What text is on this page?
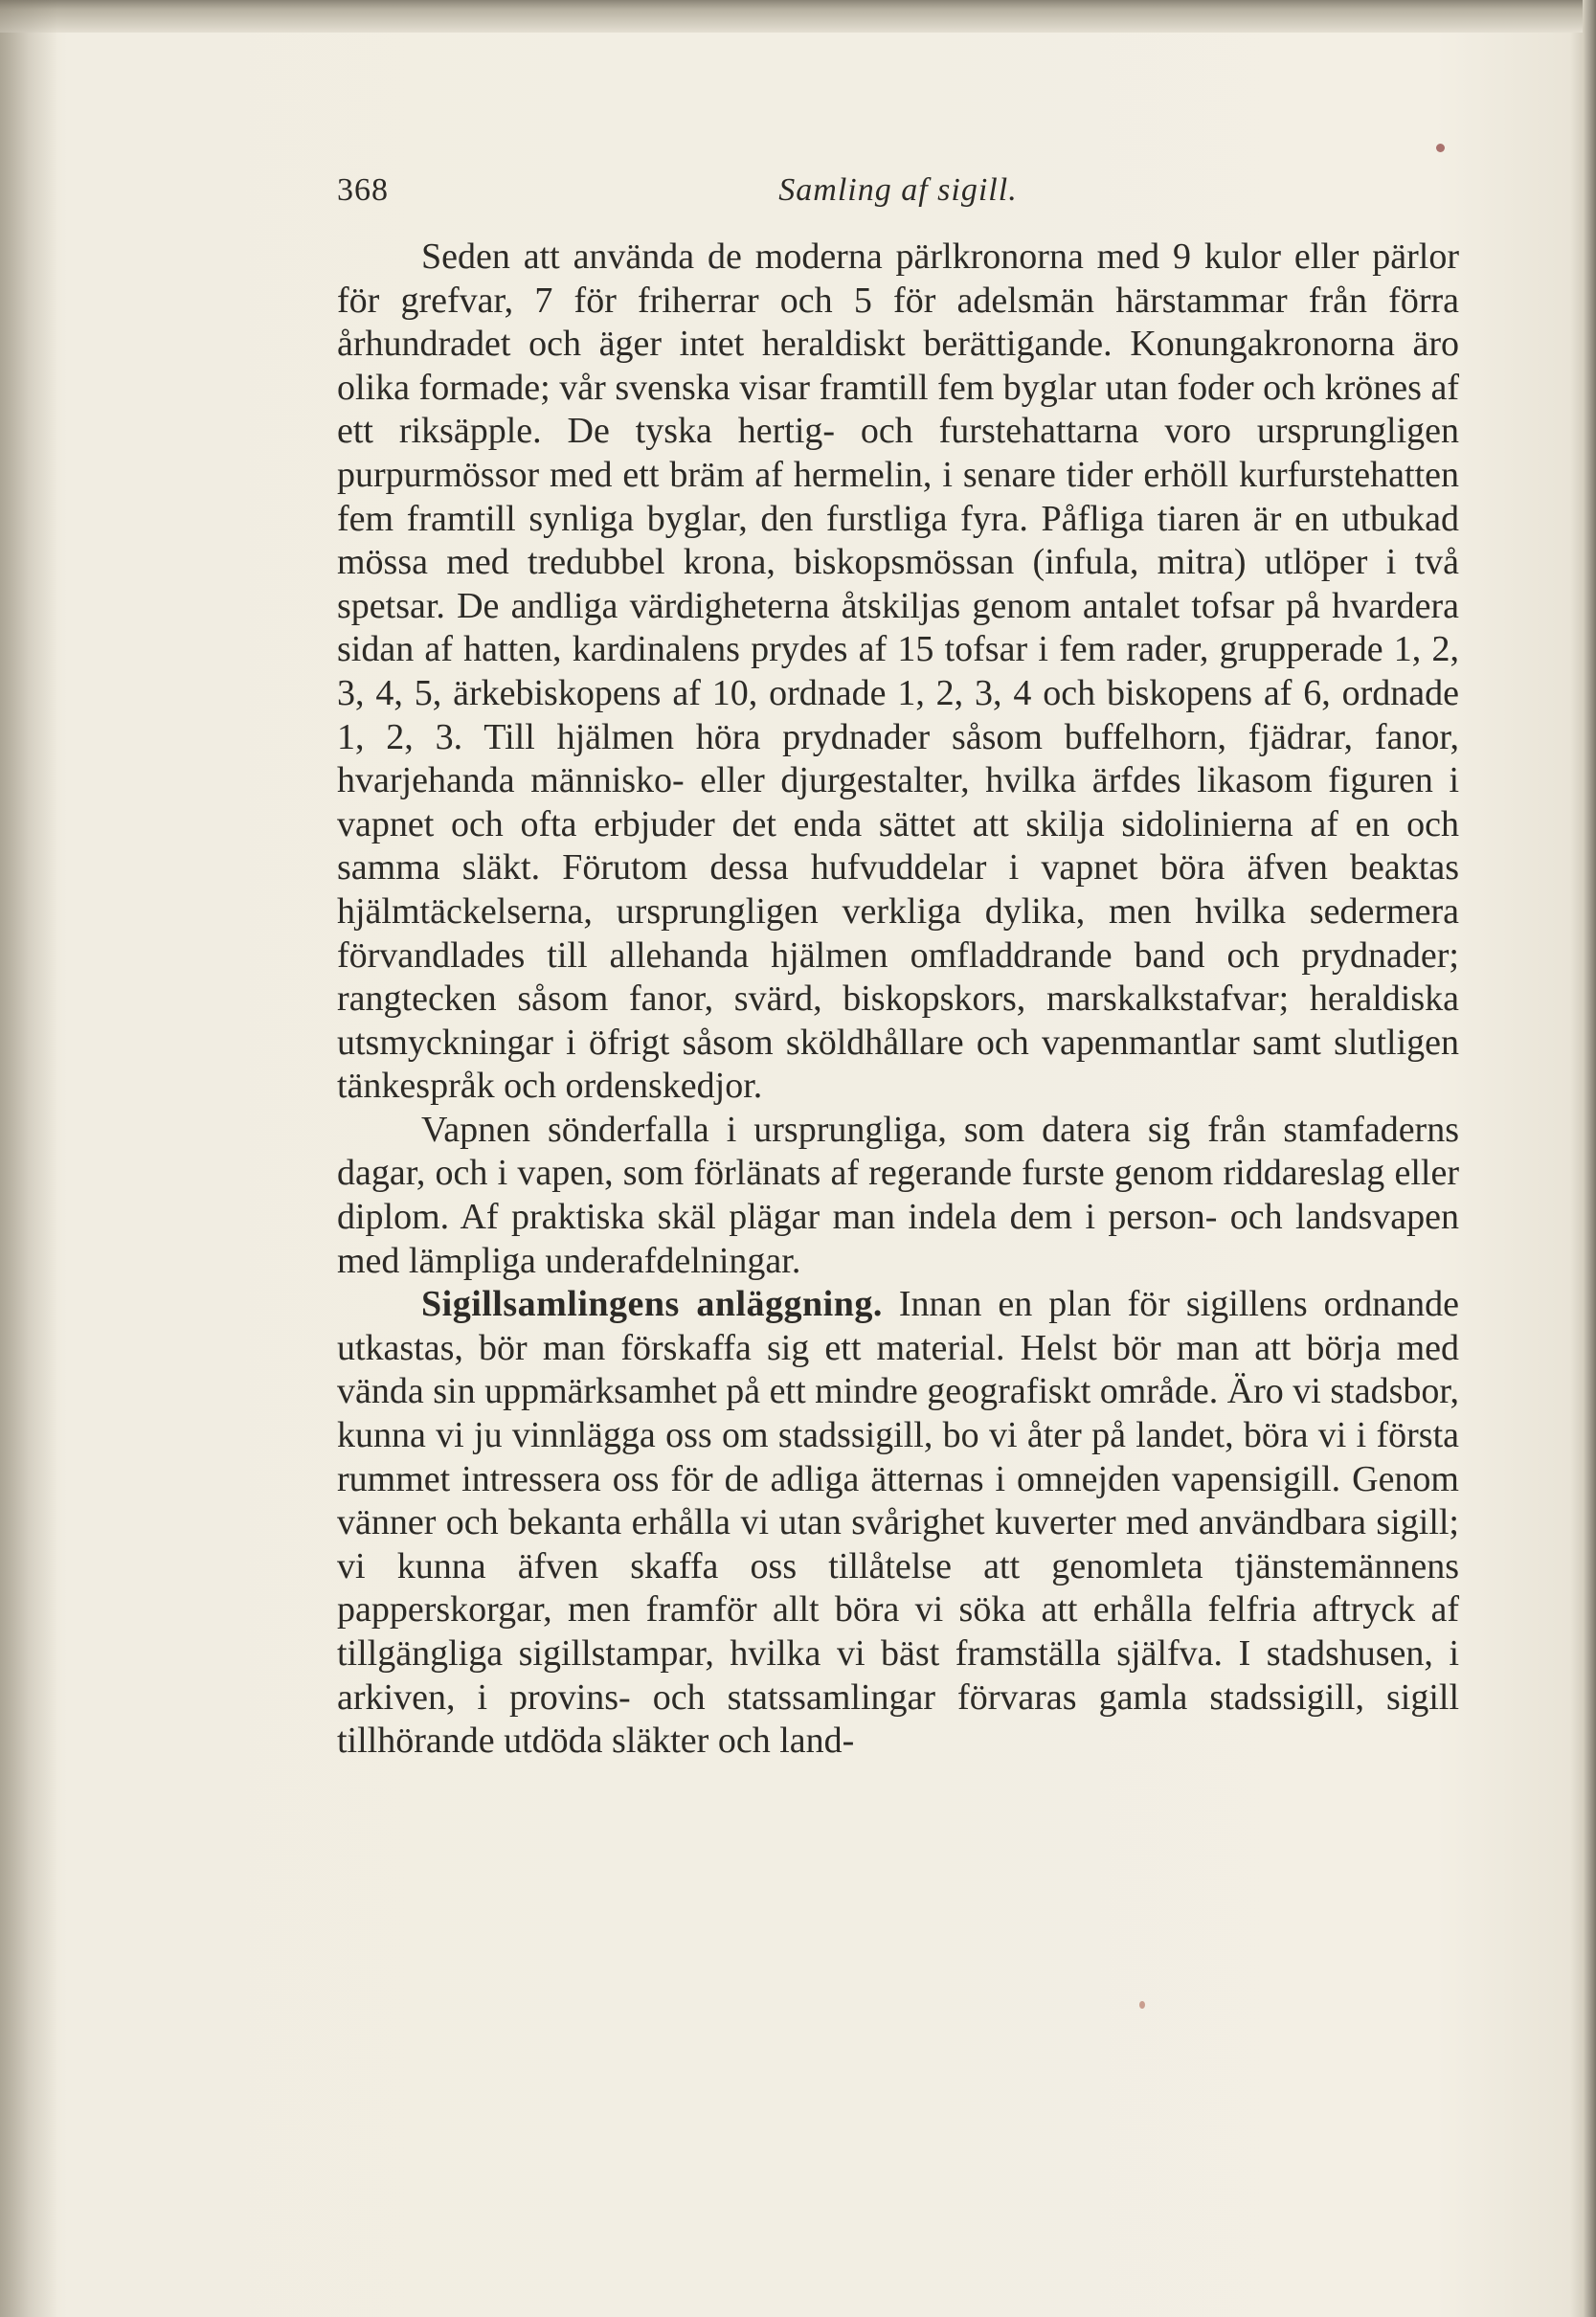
368	Samling af sigill.

Seden att använda de moderna pärlkronorna med 9 kulor eller pärlor för grefvar, 7 för friherrar och 5 för adelsmän härstammar från förra århundradet och äger intet heraldiskt berättigande. Konungakronorna äro olika formade; vår svenska visar framtill fem byglar utan foder och krönes af ett riksäpple. De tyska hertig- och furstehattarna voro ursprungligen purpurmössor med ett bräm af hermelin, i senare tider erhöll kurfurstehatten fem framtill synliga byglar, den furstliga fyra. Påfliga tiaren är en utbukad mössa med tredubbel krona, biskopsmössan (infula, mitra) utlöper i två spetsar. De andliga värdigheterna åtskiljas genom antalet tofsar på hvardera sidan af hatten, kardinalens prydes af 15 tofsar i fem rader, grupperade 1, 2, 3, 4, 5, ärkebiskopens af 10, ordnade 1, 2, 3, 4 och biskopens af 6, ordnade 1, 2, 3. Till hjälmen höra prydnader såsom buffelhorn, fjädrar, fanor, hvarjehanda människo- eller djurgestalter, hvilka ärfdes likasom figuren i vapnet och ofta erbjuder det enda sättet att skilja sidolinierna af en och samma släkt. Förutom dessa hufvuddelar i vapnet böra äfven beaktas hjälmtäckelserna, ursprungligen verkliga dylika, men hvilka sedermera förvandlades till allehanda hjälmen omfladdrande band och prydnader; rangtecken såsom fanor, svärd, biskopskors, marskalkstafvar; heraldiska utsmyckningar i öfrigt såsom sköldhållare och vapenmantlar samt slutligen tänkespråk och ordenskedjor.

Vapnen sönderfalla i ursprungliga, som datera sig från stamfaderns dagar, och i vapen, som förlänats af regerande furste genom riddareslag eller diplom. Af praktiska skäl plägar man indela dem i person- och landsvapen med lämpliga underafdelningar.

Sigillsamlingens anläggning. Innan en plan för sigillens ordnande utkastas, bör man förskaffa sig ett material. Helst bör man att börja med vända sin uppmärksamhet på ett mindre geografiskt område. Äro vi stadsbor, kunna vi ju vinnlägga oss om stadssigill, bo vi åter på landet, böra vi i första rummet intressera oss för de adliga ätternas i omnejden vapensigill. Genom vänner och bekanta erhålla vi utan svårighet kuverter med användbara sigill; vi kunna äfven skaffa oss tillåtelse att genomleta tjänstemännens papperskorgar, men framför allt böra vi söka att erhålla felfria aftryck af tillgängliga sigillstampar, hvilka vi bäst framställa själfva. I stadshusen, i arkiven, i provins- och statssamlingar förvaras gamla stadssigill, sigill tillhörande utdöda släkter och land-
